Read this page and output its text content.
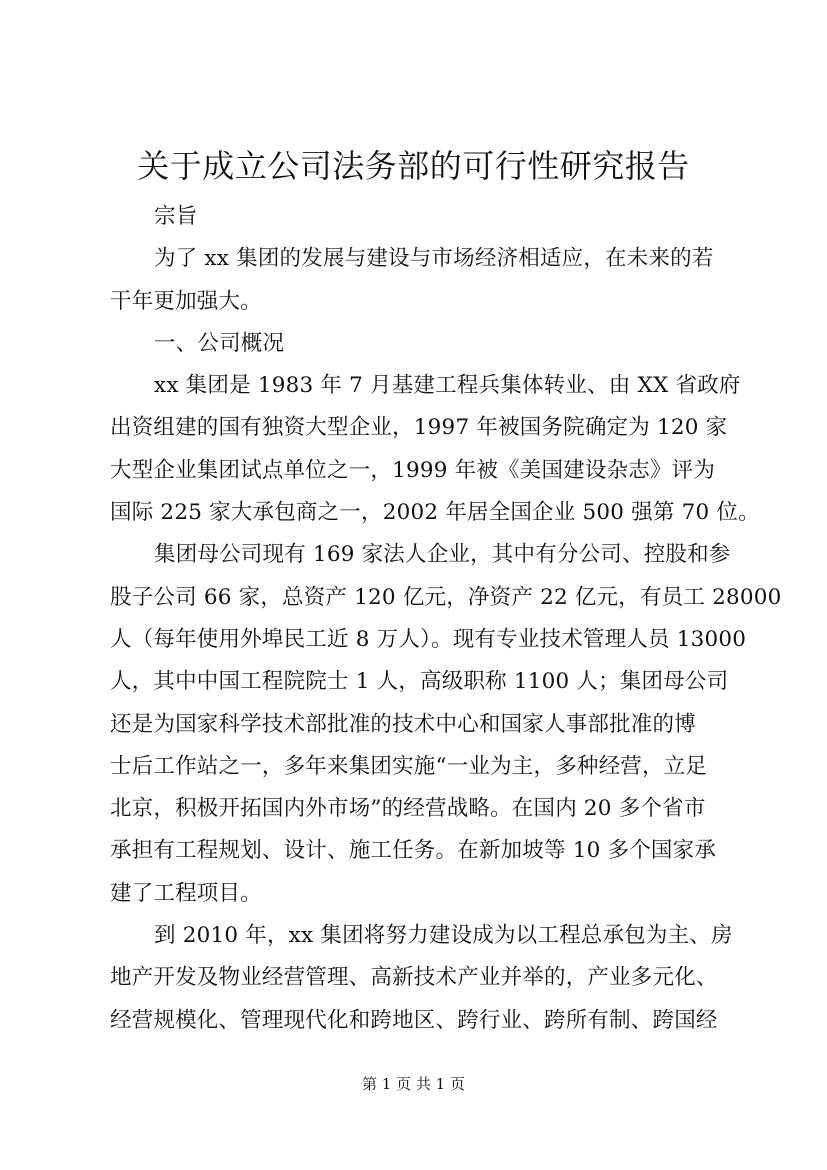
关于成立公司法务部的可行性研究报告
宗旨
为了 xx 集团的发展与建设与市场经济相适应，在未来的若
干年更加强大。
一、公司概况
xx 集团是 1983 年 7 月基建工程兵集体转业、由 XX 省政府
出资组建的国有独资大型企业，1997 年被国务院确定为 120 家
大型企业集团试点单位之一，1999 年被《美国建设杂志》评为
国际 225 家大承包商之一，2002 年居全国企业 500 强第 70 位。
集团母公司现有 169 家法人企业，其中有分公司、控股和参
股子公司 66 家，总资产 120 亿元，净资产 22 亿元，有员工 28000
人（每年使用外埠民工近 8 万人）。现有专业技术管理人员 13000
人，其中中国工程院院士 1 人，高级职称 1100 人；集团母公司
还是为国家科学技术部批准的技术中心和国家人事部批准的博
士后工作站之一，多年来集团实施“一业为主，多种经营，立足
北京，积极开拓国内外市场”的经营战略。在国内 20 多个省市
承担有工程规划、设计、施工任务。在新加坡等 10 多个国家承
建了工程项目。
到 2010 年，xx 集团将努力建设成为以工程总承包为主、房
地产开发及物业经营管理、高新技术产业并举的，产业多元化、
经营规模化、管理现代化和跨地区、跨行业、跨所有制、跨国经
第 1 页 共 1 页
